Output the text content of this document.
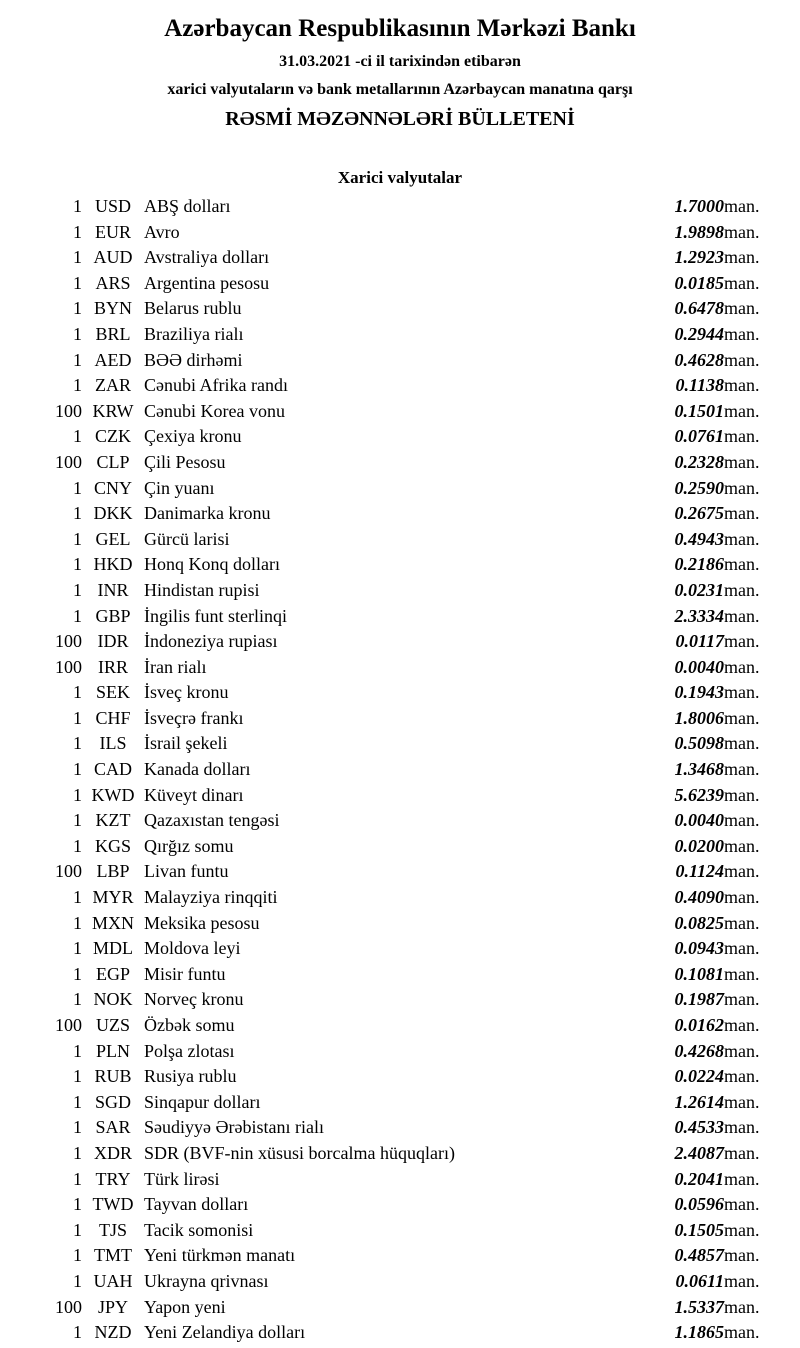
Azərbaycan Respublikasının Mərkəzi Bankı
31.03.2021 -ci il tarixindən etibarən
xarici valyutaların və bank metallarının Azərbaycan manatına qarşı
RƏSMİ MƏZƏNNƏLƏRİ BÜLLETENİ
Xarici valyutalar
1	USD	ABŞ dolları	1.7000	man.
1	EUR	Avro	1.9898	man.
1	AUD	Avstraliya dolları	1.2923	man.
1	ARS	Argentina pesosu	0.0185	man.
1	BYN	Belarus rublu	0.6478	man.
1	BRL	Braziliya rialı	0.2944	man.
1	AED	BƏƏ dirhəmi	0.4628	man.
1	ZAR	Cənubi Afrika randı	0.1138	man.
100	KRW	Cənubi Korea vonu	0.1501	man.
1	CZK	Çexiya kronu	0.0761	man.
100	CLP	Çili Pesosu	0.2328	man.
1	CNY	Çin yuanı	0.2590	man.
1	DKK	Danimarka kronu	0.2675	man.
1	GEL	Gürcü larisi	0.4943	man.
1	HKD	Honq Konq dolları	0.2186	man.
1	INR	Hindistan rupisi	0.0231	man.
1	GBP	İngilis funt sterlinqi	2.3334	man.
100	IDR	İndoneziya rupiası	0.0117	man.
100	IRR	İran rialı	0.0040	man.
1	SEK	İsveç kronu	0.1943	man.
1	CHF	İsveçrə frankı	1.8006	man.
1	ILS	İsrail şekeli	0.5098	man.
1	CAD	Kanada dolları	1.3468	man.
1	KWD	Küveyt dinarı	5.6239	man.
1	KZT	Qazaxıstan tengəsi	0.0040	man.
1	KGS	Qırğız somu	0.0200	man.
100	LBP	Livan funtu	0.1124	man.
1	MYR	Malayziya rinqqiti	0.4090	man.
1	MXN	Meksika pesosu	0.0825	man.
1	MDL	Moldova leyi	0.0943	man.
1	EGP	Misir funtu	0.1081	man.
1	NOK	Norveç kronu	0.1987	man.
100	UZS	Özbək somu	0.0162	man.
1	PLN	Polşa zlotası	0.4268	man.
1	RUB	Rusiya rublu	0.0224	man.
1	SGD	Sinqapur dolları	1.2614	man.
1	SAR	Səudiyyə Ərəbistanı rialı	0.4533	man.
1	XDR	SDR (BVF-nin xüsusi borcalma hüquqları)	2.4087	man.
1	TRY	Türk lirəsi	0.2041	man.
1	TWD	Tayvan dolları	0.0596	man.
1	TJS	Tacik somonisi	0.1505	man.
1	TMT	Yeni türkmən manatı	0.4857	man.
1	UAH	Ukrayna qrivnası	0.0611	man.
100	JPY	Yapon yeni	1.5337	man.
1	NZD	Yeni Zelandiya dolları	1.1865	man.
